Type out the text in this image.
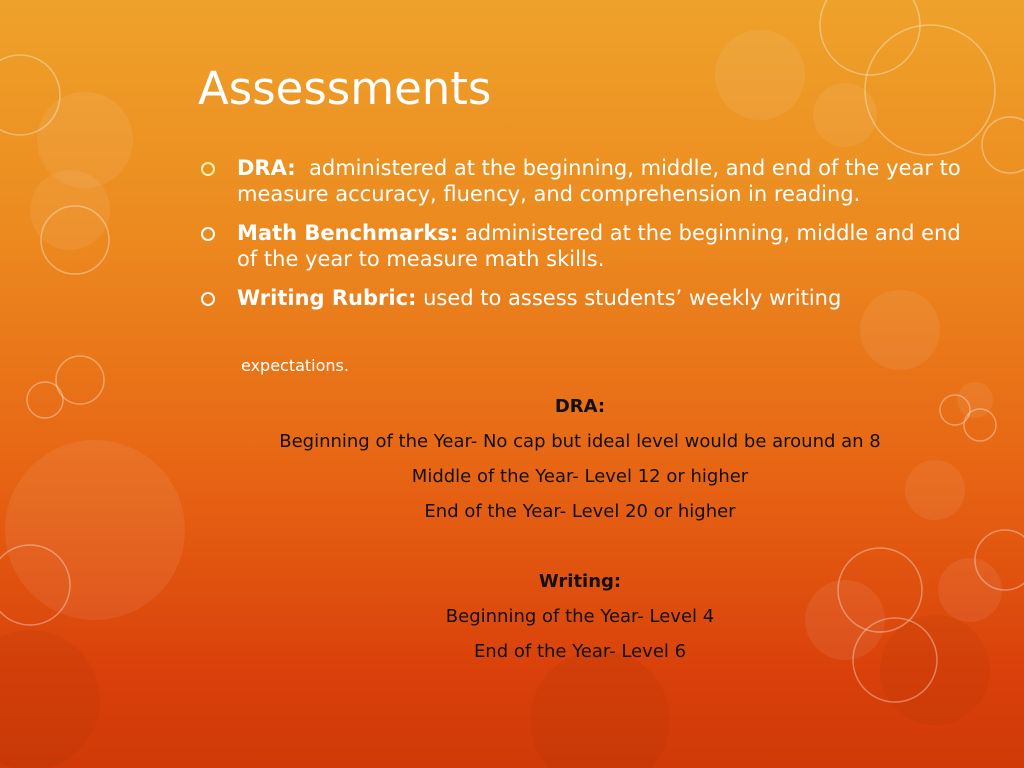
Assessments
DRA: administered at the beginning, middle, and end of the year to measure accuracy, fluency, and comprehension in reading.
Math Benchmarks: administered at the beginning, middle and end of the year to measure math skills.
Writing Rubric: used to assess students’ weekly writing
expectations.
DRA:
Beginning of the Year- No cap but ideal level would be around an 8
Middle of the Year- Level 12 or higher
End of the Year- Level 20 or higher
Writing:
Beginning of the Year- Level 4
End of the Year- Level 6
